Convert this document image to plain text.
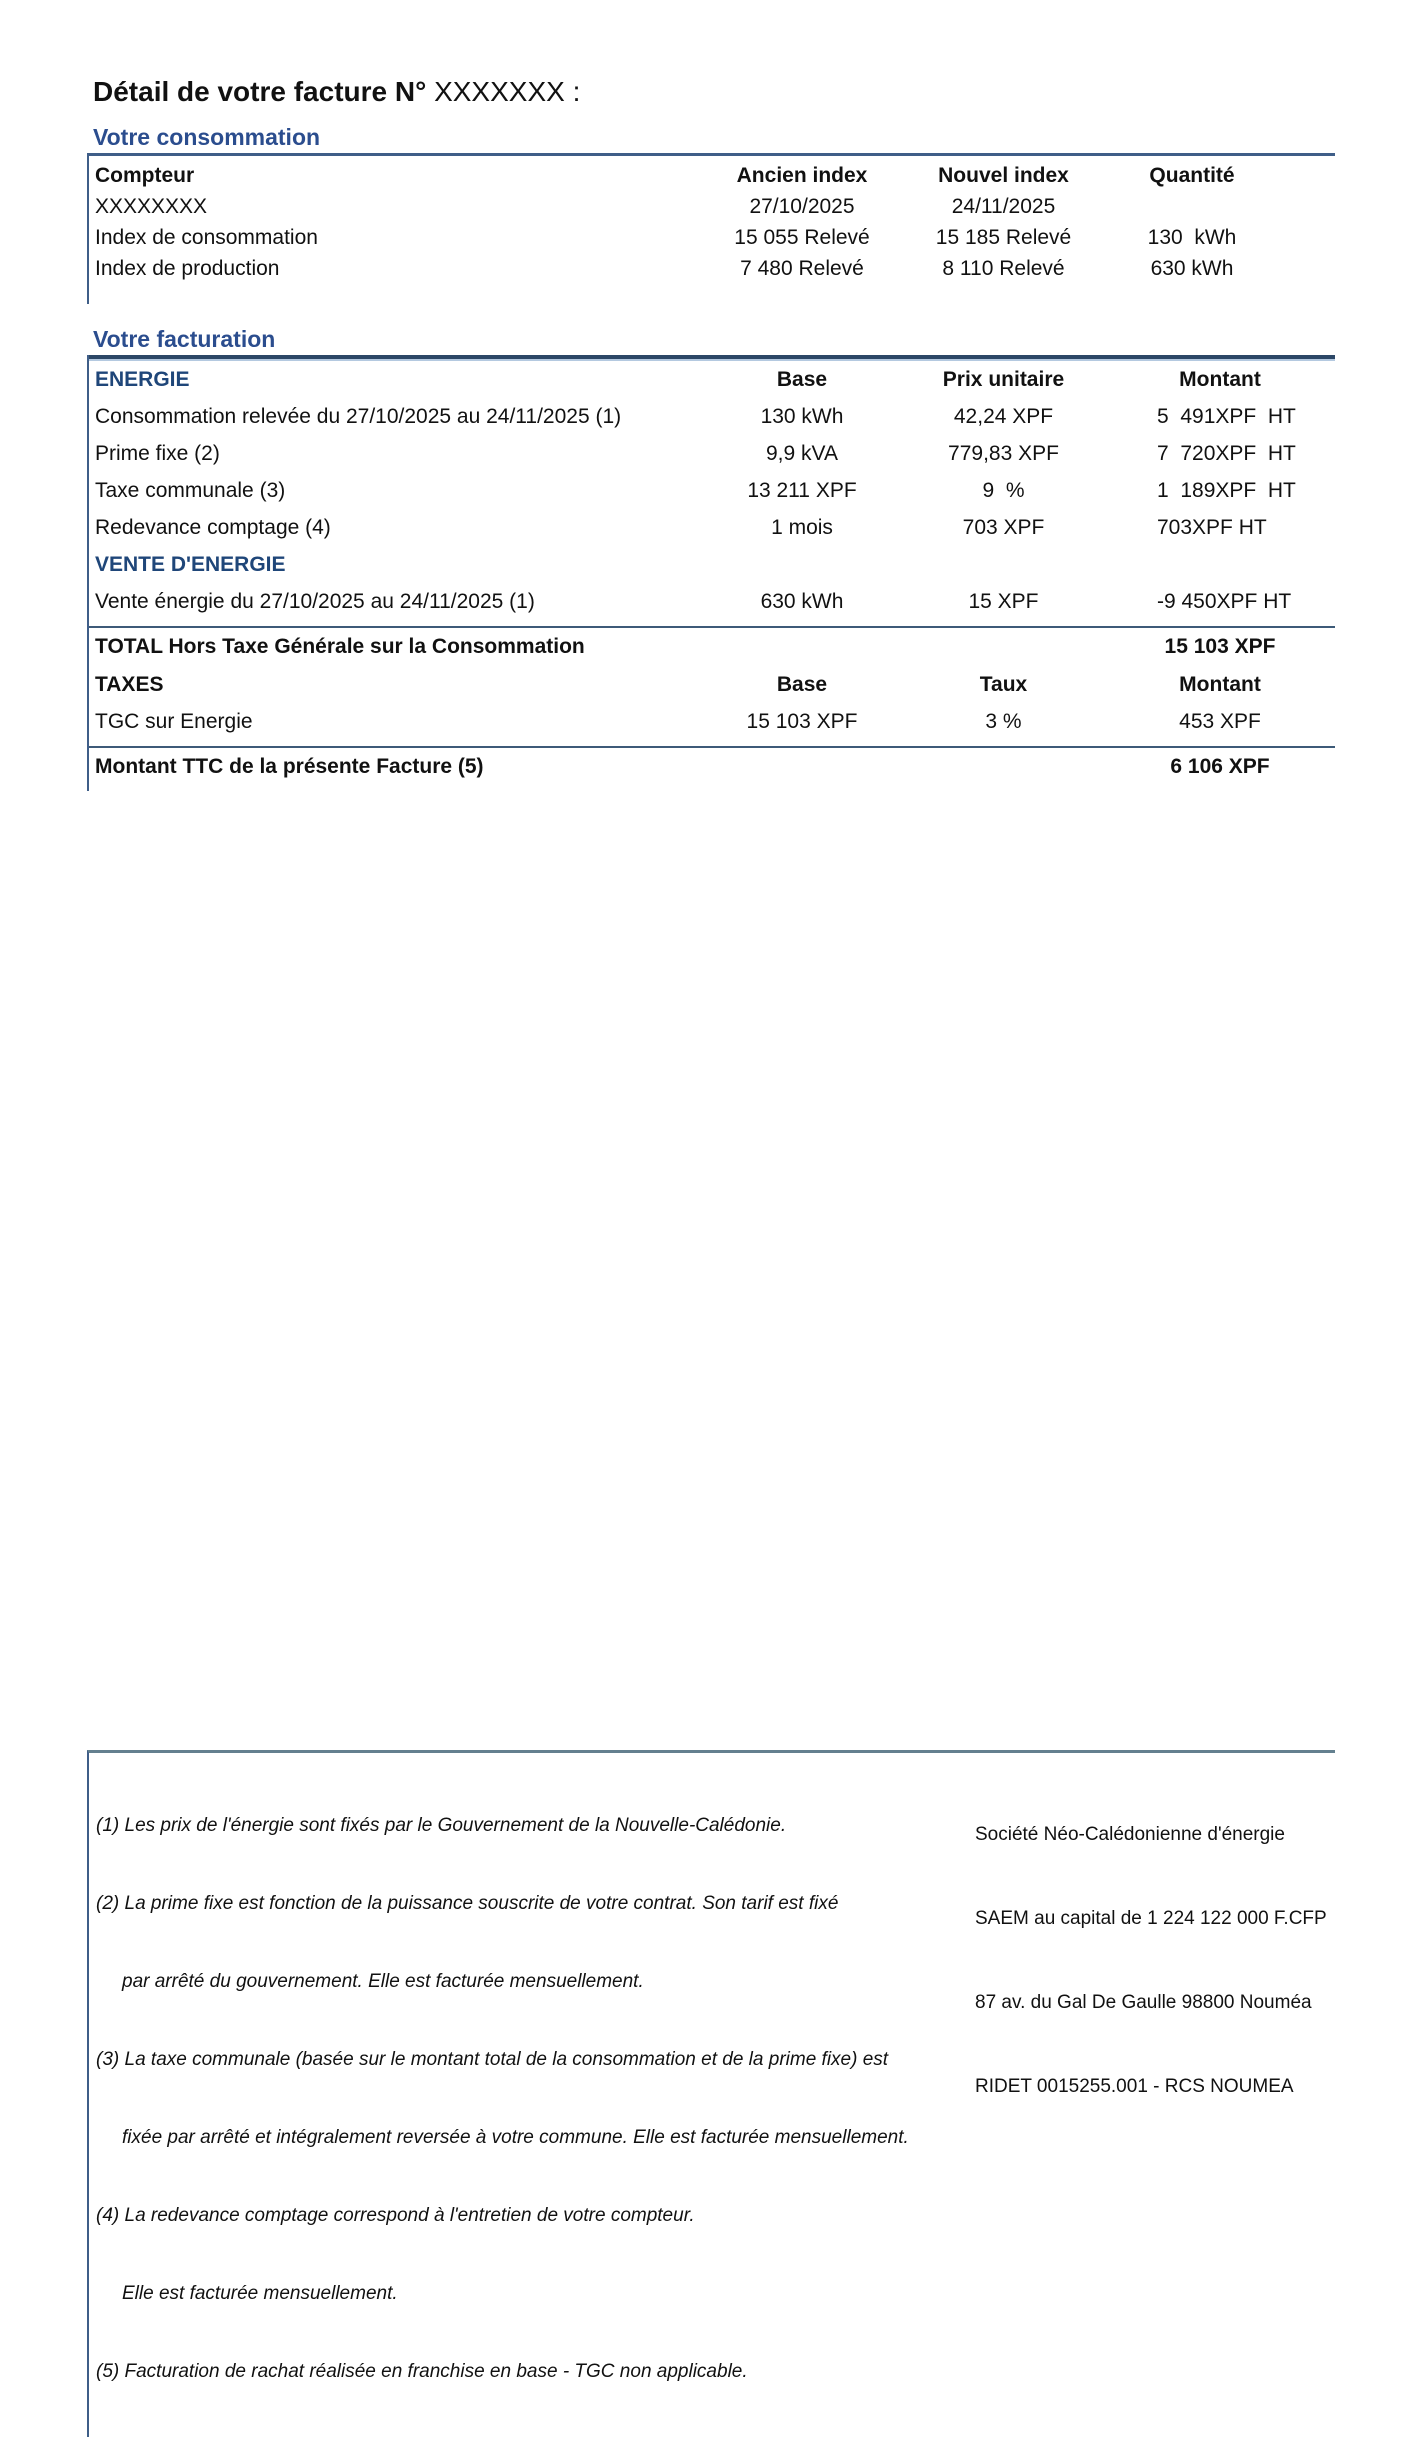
Détail de votre facture N° XXXXXXX :
Votre consommation
Compteur	Ancien index	Nouvel index	Quantité
XXXXXXXX	27/10/2025	24/11/2025
Index de consommation	15 055 Relevé	15 185 Relevé	130  kWh
Index de production	7 480 Relevé	8 110 Relevé	630 kWh
Votre facturation
ENERGIE	Base	Prix unitaire	Montant
Consommation relevée du 27/10/2025 au 24/11/2025 (1)	130 kWh	42,24 XPF	5  491XPF  HT
Prime fixe (2)	9,9 kVA	779,83 XPF	7  720XPF  HT
Taxe communale (3)	13 211 XPF	9  %	1  189XPF  HT
Redevance comptage (4)	1 mois	703 XPF	703XPF HT
VENTE D'ENERGIE
Vente énergie du 27/10/2025 au 24/11/2025 (1)	630 kWh	15 XPF	-9 450XPF HT
TOTAL Hors Taxe Générale sur la Consommation	15 103 XPF
TAXES	Base	Taux	Montant
TGC sur Energie	15 103 XPF	3 %	453 XPF
Montant TTC de la présente Facture (5)	6 106 XPF

(1) Les prix de l'énergie sont fixés par le Gouvernement de la Nouvelle-Calédonie.

(2) La prime fixe est fonction de la puissance souscrite de votre contrat. Son tarif est fixé

par arrêté du gouvernement. Elle est facturée mensuellement.

(3) La taxe communale (basée sur le montant total de la consommation et de la prime fixe) est

fixée par arrêté et intégralement reversée à votre commune. Elle est facturée mensuellement.

(4) La redevance comptage correspond à l'entretien de votre compteur.

Elle est facturée mensuellement.

(5) Facturation de rachat réalisée en franchise en base - TGC non applicable.

Société Néo-Calédonienne d'énergie

SAEM au capital de 1 224 122 000 F.CFP

87 av. du Gal De Gaulle 98800 Nouméa

RIDET 0015255.001 - RCS NOUMEA
